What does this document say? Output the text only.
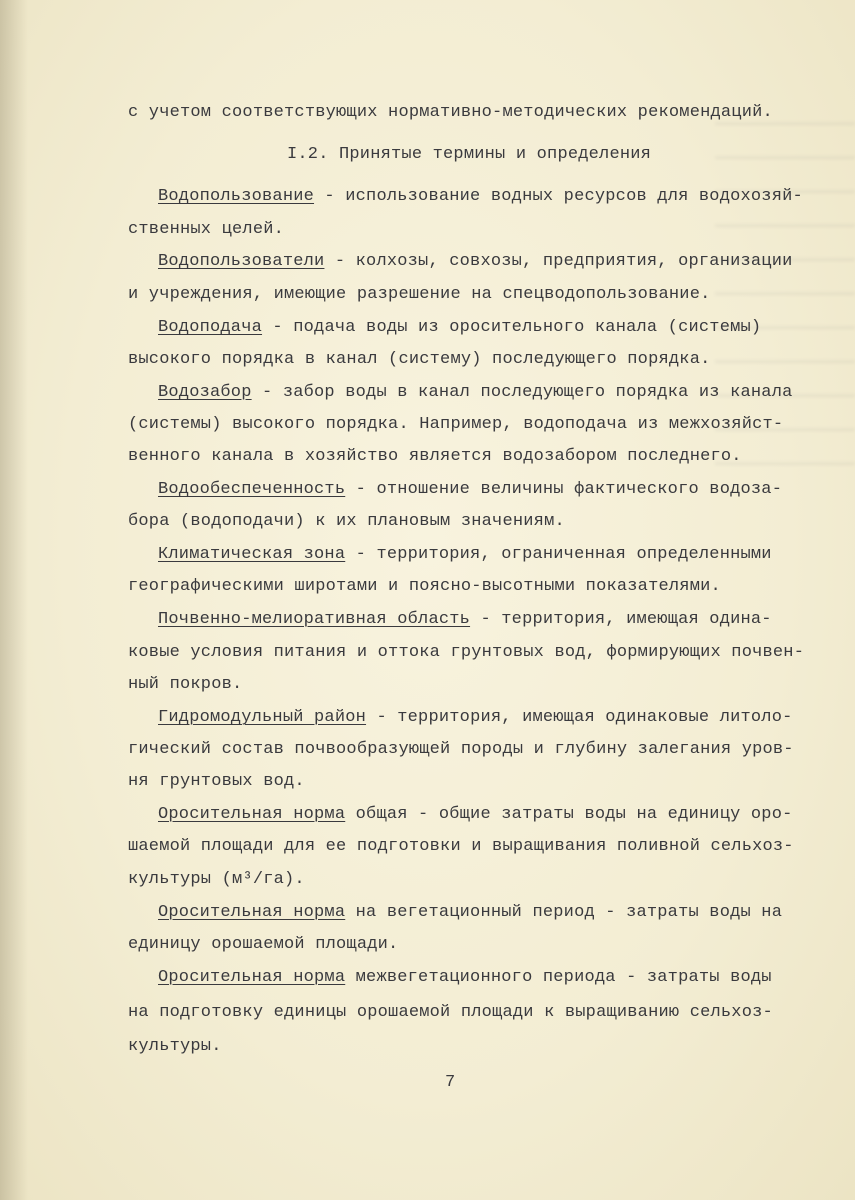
с учетом соответствующих нормативно-методических рекомендаций.
I.2. Принятые термины и определения
Водопользование - использование водных ресурсов для водохозяй-
ственных целей.
Водопользователи - колхозы, совхозы, предприятия, организации
и учреждения, имеющие разрешение на спецводопользование.
Водоподача - подача воды из оросительного канала (системы)
высокого порядка в канал (систему) последующего порядка.
Водозабор - забор воды в канал последующего порядка из канала
(системы) высокого порядка. Например, водоподача из межхозяйст-
венного канала в хозяйство является водозабором последнего.
Водообеспеченность - отношение величины фактического водоза-
бора (водоподачи) к их плановым значениям.
Климатическая зона - территория, ограниченная определенными
географическими широтами и поясно-высотными показателями.
Почвенно-мелиоративная область - территория, имеющая одина-
ковые условия питания и оттока грунтовых вод, формирующих почвен-
ный покров.
Гидромодульный район - территория, имеющая одинаковые литоло-
гический состав почвообразующей породы и глубину залегания уров-
ня грунтовых вод.
Оросительная норма общая - общие затраты воды на единицу оро-
шаемой площади для ее подготовки и выращивания поливной сельхоз-
культуры (м³/га).
Оросительная норма на вегетационный период - затраты воды на
единицу орошаемой площади.
Оросительная норма межвегетационного периода - затраты воды
на подготовку единицы орошаемой площади к выращиванию сельхоз-
культуры.
7
